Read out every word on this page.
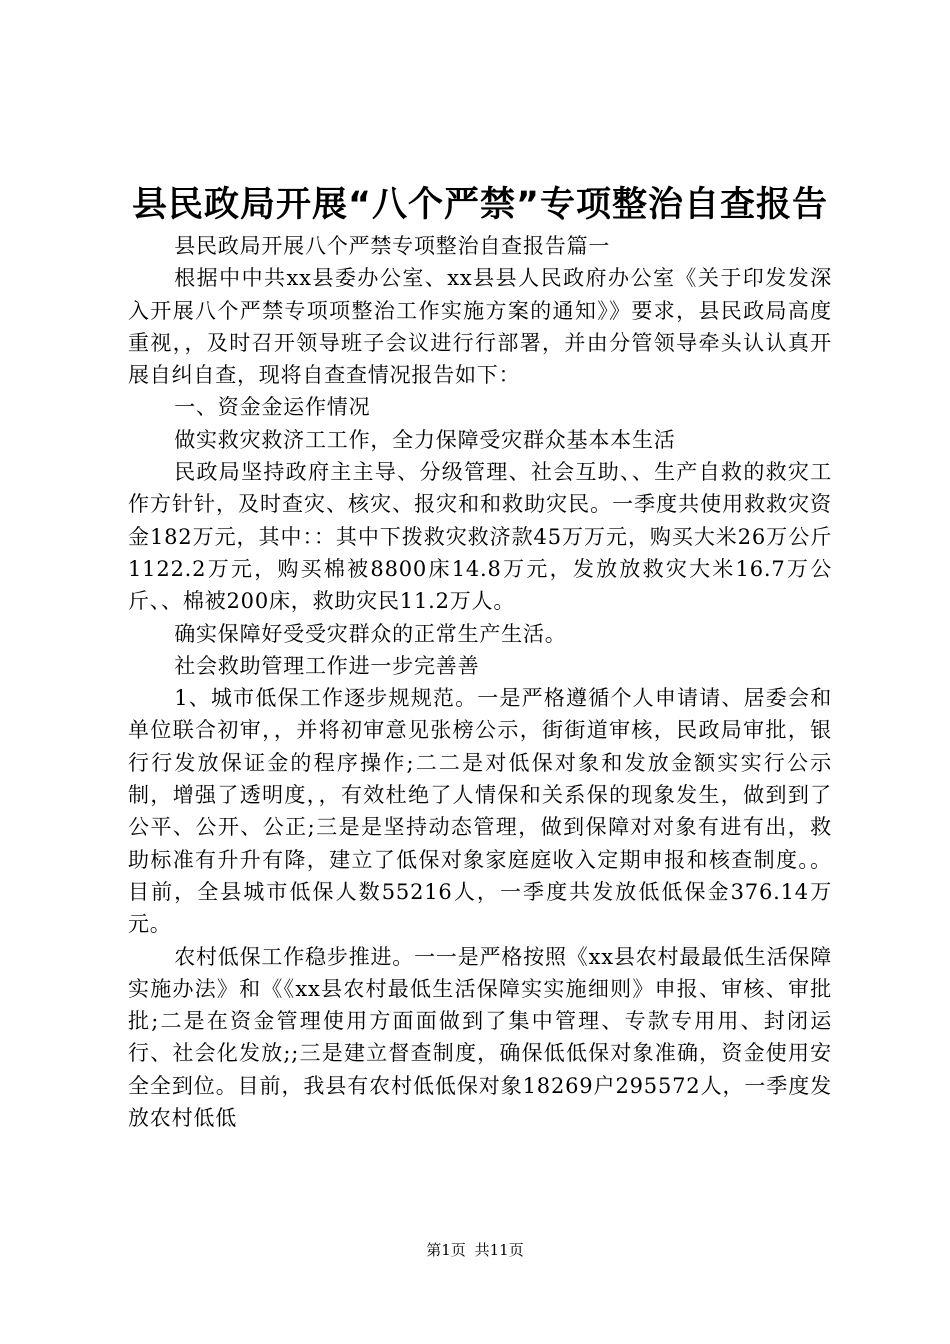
县民政局开展“八个严禁”专项整治自查报告

县民政局开展八个严禁专项整治自查报告篇一

根据中中共xx县委办公室、xx县县人民政府办公室《关于印发发深入开展八个严禁专项项整治工作实施方案的通知》》要求，县民政局高度重视，，及时召开领导班子会议进行行部署，并由分管领导牵头认认真开展自纠自查，现将自查查情况报告如下：

一、资金金运作情况

做实救灾救济工工作，全力保障受灾群众基本本生活

民政局坚持政府主主导、分级管理、社会互助、、生产自救的救灾工作方针针，及时查灾、核灾、报灾和和救助灾民。一季度共使用救救灾资金182万元，其中：：其中下拨救灾救济款45万万元，购买大米26万公斤1122.2万元，购买棉被8800床14.8万元，发放放救灾大米16.7万公斤、、棉被200床，救助灾民11.2万人。

确实保障好受受灾群众的正常生产生活。

社会救助管理工作进一步完善善

1、城市低保工作逐步规规范。一是严格遵循个人申请请、居委会和单位联合初审，，并将初审意见张榜公示，街街道审核，民政局审批，银行行发放保证金的程序操作;二二是对低保对象和发放金额实实行公示制，增强了透明度，，有效杜绝了人情保和关系保的现象发生，做到到了公平、公开、公正;三是是坚持动态管理，做到保障对对象有进有出，救助标准有升升有降，建立了低保对象家庭庭收入定期申报和核查制度。。目前，全县城市低保人数55216人，一季度共发放低低保金376.14万元。

农村低保工作稳步推进。一一是严格按照《xx县农村最最低生活保障实施办法》和《《xx县农村最低生活保障实实施细则》申报、审核、审批批;二是在资金管理使用方面面做到了集中管理、专款专用用、封闭运行、社会化发放;;三是建立督查制度，确保低低保对象准确，资金使用安全全到位。目前，我县有农村低低保对象18269户295572人，一季度发放农村低低

第1页 共11页
